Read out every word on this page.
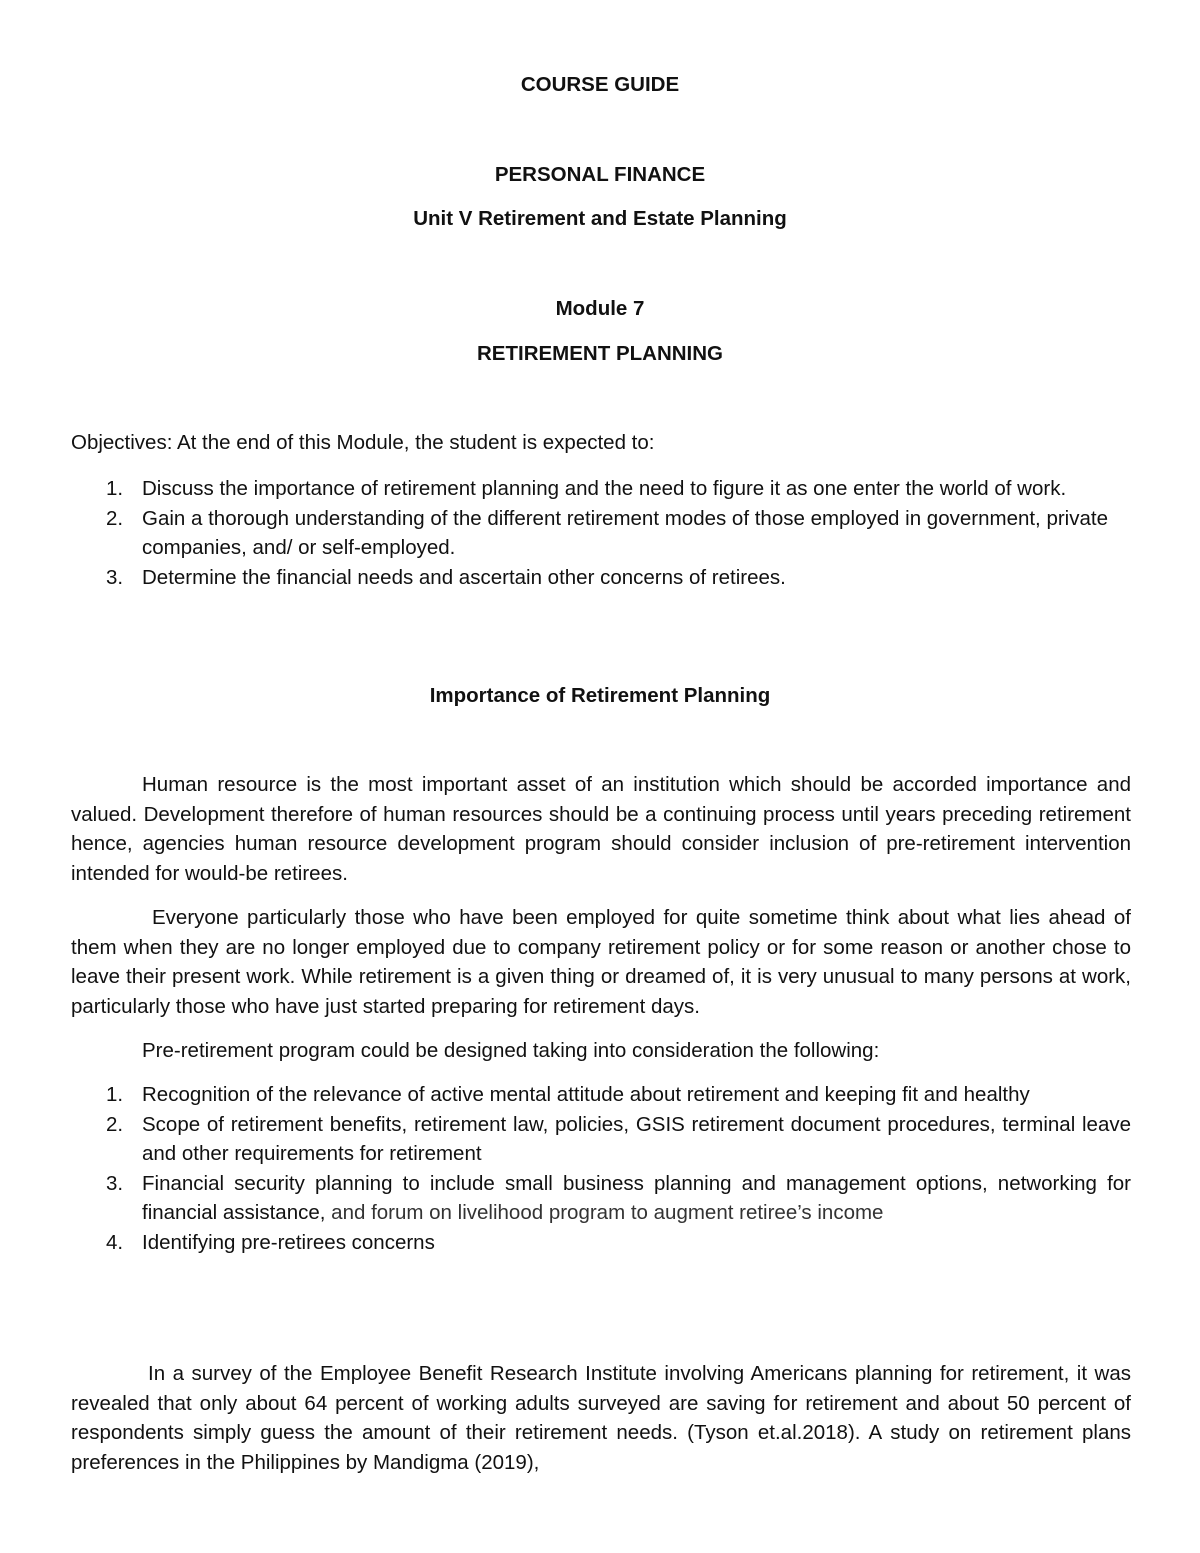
COURSE GUIDE
PERSONAL FINANCE
Unit V Retirement and Estate Planning
Module 7
RETIREMENT PLANNING
Objectives: At the end of this Module, the student is expected to:
1. Discuss the importance of retirement planning and the need to figure it as one enter the world of work.
2. Gain a thorough understanding of the different retirement modes of those employed in government, private companies, and/ or self-employed.
3. Determine the financial needs and ascertain other concerns of retirees.
Importance of Retirement Planning
Human resource is the most important asset of an institution which should be accorded importance and valued. Development therefore of human resources should be a continuing process until years preceding retirement hence, agencies human resource development program should consider inclusion of pre-retirement intervention intended for would-be retirees.
Everyone particularly those who have been employed for quite sometime think about what lies ahead of them when they are no longer employed due to company retirement policy or for some reason or another chose to leave their present work. While retirement is a given thing or dreamed of, it is very unusual to many persons at work, particularly those who have just started preparing for retirement days.
Pre-retirement program could be designed taking into consideration the following:
1. Recognition of the relevance of active mental attitude about retirement and keeping fit and healthy
2. Scope of retirement benefits, retirement law, policies, GSIS retirement document procedures, terminal leave and other requirements for retirement
3. Financial security planning to include small business planning and management options, networking for financial assistance, and forum on livelihood program to augment retiree’s income
4. Identifying pre-retirees concerns
In a survey of the Employee Benefit Research Institute involving Americans planning for retirement, it was revealed that only about 64 percent of working adults surveyed are saving for retirement and about 50 percent of respondents simply guess the amount of their retirement needs. (Tyson et.al.2018). A study on retirement plans preferences in the Philippines by Mandigma (2019),
